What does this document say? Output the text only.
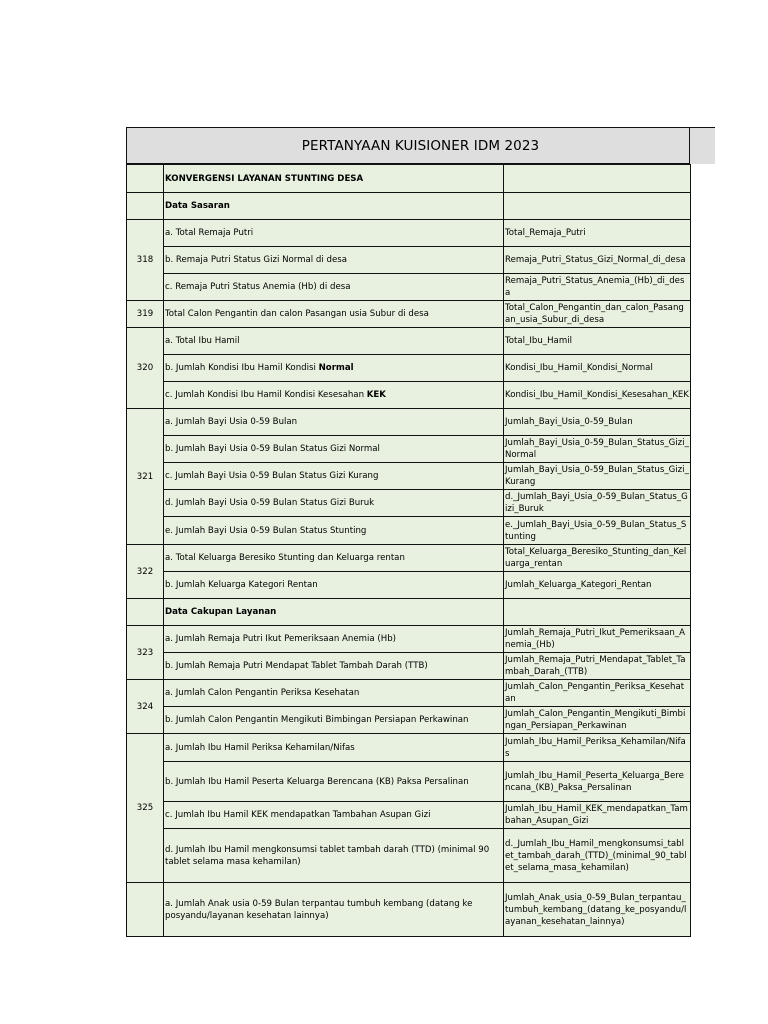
PERTANYAAN KUISIONER IDM 2023
	KONVERGENSI LAYANAN STUNTING DESA	
	Data Sasaran	
318	a. Total Remaja Putri	Total_Remaja_Putri
	b. Remaja Putri Status Gizi Normal di desa	Remaja_Putri_Status_Gizi_Normal_di_desa
	c. Remaja Putri Status Anemia (Hb) di desa	Remaja_Putri_Status_Anemia_(Hb)_di_desa
319	Total Calon Pengantin dan calon Pasangan usia Subur di desa	Total_Calon_Pengantin_dan_calon_Pasangan_usia_Subur_di_desa
320	a. Total Ibu Hamil	Total_Ibu_Hamil
	b. Jumlah Kondisi Ibu Hamil Kondisi Normal	Kondisi_Ibu_Hamil_Kondisi_Normal
	c. Jumlah Kondisi Ibu Hamil Kondisi Kesesahan KEK	Kondisi_Ibu_Hamil_Kondisi_Kesesahan_KEK
321	a. Jumlah Bayi Usia 0-59 Bulan	Jumlah_Bayi_Usia_0-59_Bulan
	b. Jumlah Bayi Usia 0-59 Bulan Status Gizi Normal	Jumlah_Bayi_Usia_0-59_Bulan_Status_Gizi_Normal
	c. Jumlah Bayi Usia 0-59 Bulan Status Gizi Kurang	Jumlah_Bayi_Usia_0-59_Bulan_Status_Gizi_Kurang
	d. Jumlah Bayi Usia 0-59 Bulan Status Gizi Buruk	d._Jumlah_Bayi_Usia_0-59_Bulan_Status_Gizi_Buruk
	e. Jumlah Bayi Usia 0-59 Bulan Status Stunting	e._Jumlah_Bayi_Usia_0-59_Bulan_Status_Stunting
322	a. Total Keluarga Beresiko Stunting dan Keluarga rentan	Total_Keluarga_Beresiko_Stunting_dan_Keluarga_rentan
	b. Jumlah Keluarga Kategori Rentan	Jumlah_Keluarga_Kategori_Rentan
	Data Cakupan Layanan	
323	a. Jumlah Remaja Putri Ikut Pemeriksaan Anemia (Hb)	Jumlah_Remaja_Putri_Ikut_Pemeriksaan_Anemia_(Hb)
	b. Jumlah Remaja Putri Mendapat Tablet Tambah Darah (TTB)	Jumlah_Remaja_Putri_Mendapat_Tablet_Tambah_Darah_(TTB)
324	a. Jumlah Calon Pengantin Periksa Kesehatan	Jumlah_Calon_Pengantin_Periksa_Kesehatan
	b. Jumlah Calon Pengantin Mengikuti Bimbingan Persiapan Perkawinan	Jumlah_Calon_Pengantin_Mengikuti_Bimbingan_Persiapan_Perkawinan
325	a. Jumlah Ibu Hamil Periksa Kehamilan/Nifas	Jumlah_Ibu_Hamil_Periksa_Kehamilan/Nifas
	b. Jumlah Ibu Hamil Peserta Keluarga Berencana (KB) Paksa Persalinan	Jumlah_Ibu_Hamil_Peserta_Keluarga_Berencana_(KB)_Paksa_Persalinan
	c. Jumlah Ibu Hamil KEK mendapatkan Tambahan Asupan Gizi	Jumlah_Ibu_Hamil_KEK_mendapatkan_Tambahan_Asupan_Gizi
	d. Jumlah Ibu Hamil mengkonsumsi tablet tambah darah (TTD) (minimal 90 tablet selama masa kehamilan)	d._Jumlah_Ibu_Hamil_mengkonsumsi_tablet_tambah_darah_(TTD)_(minimal_90_tablet_selama_masa_kehamilan)
	a. Jumlah Anak usia 0-59 Bulan terpantau tumbuh kembang (datang ke posyandu/layanan kesehatan lainnya)	Jumlah_Anak_usia_0-59_Bulan_terpantau_tumbuh_kembang_(datang_ke_posyandu/layanan_kesehatan_lainnya)
